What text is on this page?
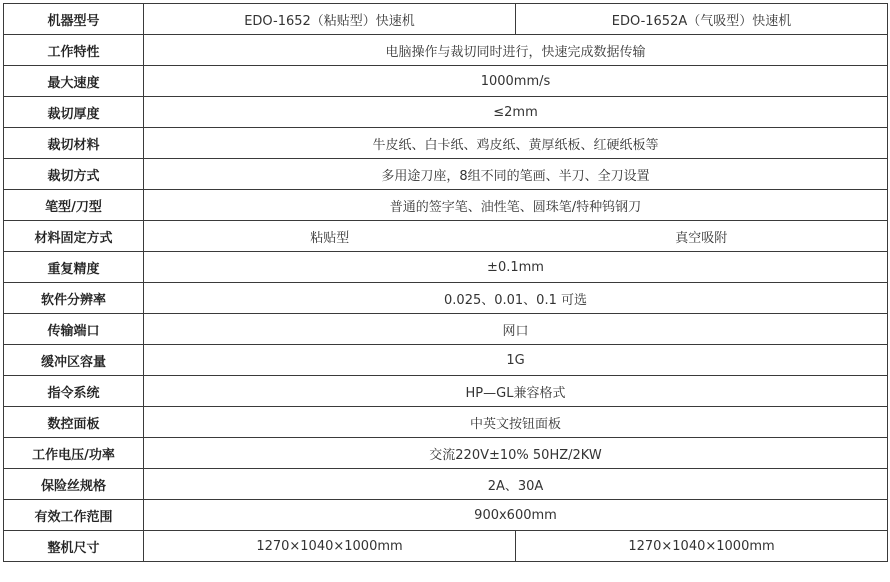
机器型号	EDO-1652（粘贴型）快速机	EDO-1652A（气吸型）快速机
工作特性	电脑操作与裁切同时进行，快速完成数据传输	
最大速度	1000mm/s	
裁切厚度	≤2mm	
裁切材料	牛皮纸、白卡纸、鸡皮纸、黄厚纸板、红硬纸板等	
裁切方式	多用途刀座，8组不同的笔画、半刀、全刀设置	
笔型/刀型	普通的签字笔、油性笔、圆珠笔/特种钨钢刀	
材料固定方式	粘贴型	真空吸附
重复精度	±0.1mm	
软件分辨率	0.025、0.01、0.1 可选	
传输端口	网口	
缓冲区容量	1G	
指令系统	HP—GL兼容格式	
数控面板	中英文按钮面板	
工作电压/功率	交流220V±10% 50HZ/2KW	
保险丝规格	2A、30A	
有效工作范围	900x600mm	
整机尺寸	1270×1040×1000mm	1270×1040×1000mm
